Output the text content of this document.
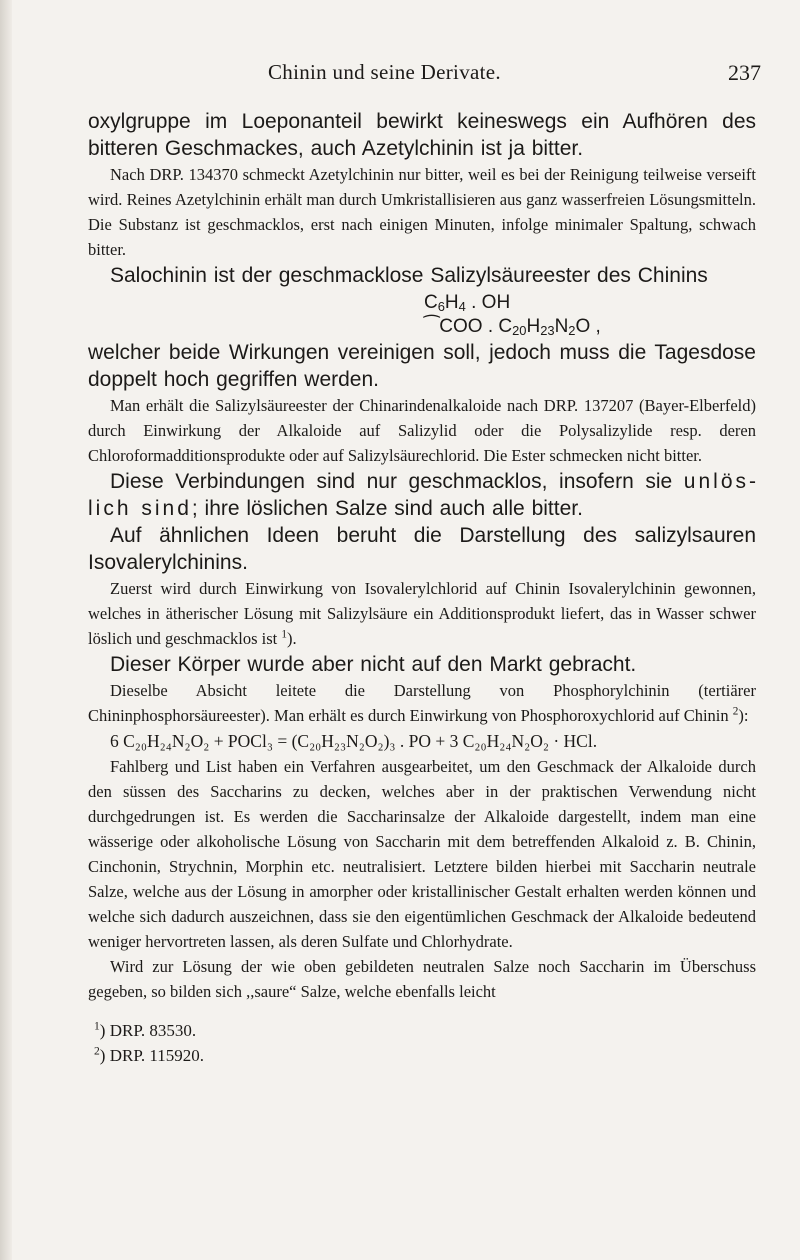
Chinin und seine Derivate.	237

oxylgruppe im Loeponanteil bewirkt keineswegs ein Aufhören des bitteren Geschmackes, auch Azetylchinin ist ja bitter.

Nach DRP. 134370 schmeckt Azetylchinin nur bitter, weil es bei der Reinigung teilweise verseift wird. Reines Azetylchinin erhält man durch Umkristallisieren aus ganz wasserfreien Lösungsmitteln. Die Substanz ist geschmacklos, erst nach einigen Minuten, infolge minimaler Spaltung, schwach bitter.

Salochinin ist der geschmacklose Salizylsäureester des Chinins

$C_6H_4$ . OH
⁀COO . $C_{20}H_{23}N_2O$ ,

welcher beide Wirkungen vereinigen soll, jedoch muss die Tagesdose doppelt hoch gegriffen werden.

Man erhält die Salizylsäureester der Chinarindenalkaloide nach DRP. 137207 (Bayer-Elberfeld) durch Einwirkung der Alkaloide auf Salizylid oder die Polysalizylide resp. deren Chloroformadditionsprodukte oder auf Salizylsäurechlorid. Die Ester schmecken nicht bitter.

Diese Verbindungen sind nur geschmacklos, insofern sie unlöslich sind; ihre löslichen Salze sind auch alle bitter.

Auf ähnlichen Ideen beruht die Darstellung des salizylsauren Isovalerylchinins.

Zuerst wird durch Einwirkung von Isovalerylchlorid auf Chinin Isovalerylchinin gewonnen, welches in ätherischer Lösung mit Salizylsäure ein Additionsprodukt liefert, das in Wasser schwer löslich und geschmacklos ist $^1$).

Dieser Körper wurde aber nicht auf den Markt gebracht.

Dieselbe Absicht leitete die Darstellung von Phosphorylchinin (tertiärer Chininphosphorsäureester). Man erhält es durch Einwirkung von Phosphoroxychlorid auf Chinin $^2$):

6 C₂₀H₂₄N₂O₂ + POCl₃ = (C₂₀H₂₃N₂O₂)₃ . PO + 3 C₂₀H₂₄N₂O₂ · HCl.

Fahlberg und List haben ein Verfahren ausgearbeitet, um den Geschmack der Alkaloide durch den süssen des Saccharins zu decken, welches aber in der praktischen Verwendung nicht durchgedrungen ist. Es werden die Saccharinsalze der Alkaloide dargestellt, indem man eine wässerige oder alkoholische Lösung von Saccharin mit dem betreffenden Alkaloid z. B. Chinin, Cinchonin, Strychnin, Morphin etc. neutralisiert. Letztere bilden hierbei mit Saccharin neutrale Salze, welche aus der Lösung in amorpher oder kristallinischer Gestalt erhalten werden können und welche sich dadurch auszeichnen, dass sie den eigentümlichen Geschmack der Alkaloide bedeutend weniger hervortreten lassen, als deren Sulfate und Chlorhydrate.

Wird zur Lösung der wie oben gebildeten neutralen Salze noch Saccharin im Überschuss gegeben, so bilden sich ,,saure“ Salze, welche ebenfalls leicht

$^1$) DRP. 83530.
$^2$) DRP. 115920.
